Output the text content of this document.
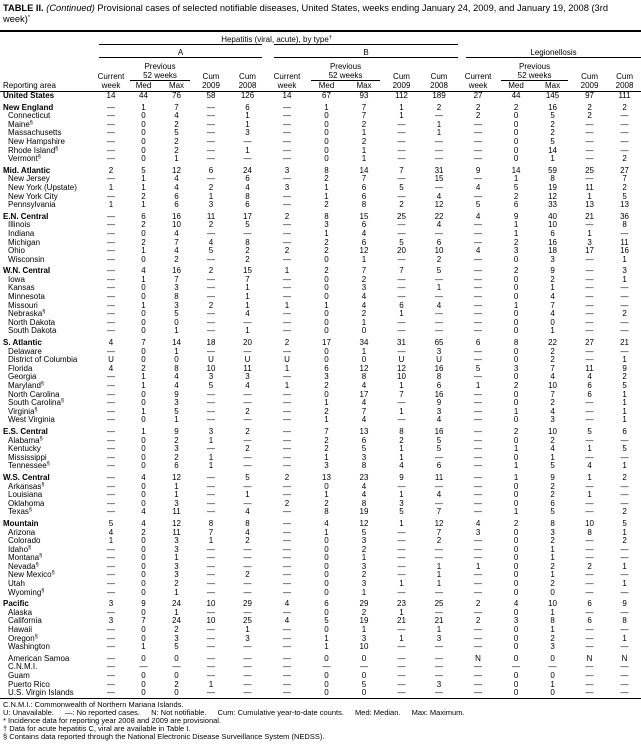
TABLE II. (Continued) Provisional cases of selected notifiable diseases, United States, weeks ending January 24, 2009, and January 19, 2008 (3rd week)*
	Hepatitis (viral, acute), by type†	

	A					B					Legionellosis				

		Previous					Previous					Previous			
	Current	52 weeks		Cum	Cum	Current	52 weeks		Cum	Cum	Current	52 weeks		Cum	Cum
Reporting area	week	Med	Max	2009	2008	week	Med	Max	2009	2008	week	Med	Max	2009	2008
United States	14	44	76	58	126	14	67	93	112	189	27	44	145	97	111
New England	—	1	7	—	6	—	1	7	1	2	2	2	16	2	2
Connecticut	—	0	4	—	1	—	0	7	1	—	2	0	5	2	—
Maine§	—	0	2	—	1	—	0	2	—	1	—	0	2	—	—
Massachusetts	—	0	5	—	3	—	0	1	—	1	—	0	2	—	—
New Hampshire	—	0	2	—	—	—	0	2	—	—	—	0	5	—	—
Rhode Island§	—	0	2	—	1	—	0	1	—	—	—	0	14	—	—
Vermont§	—	0	1	—	—	—	0	1	—	—	—	0	1	—	2
Mid. Atlantic	2	5	12	6	24	3	8	14	7	31	9	14	59	25	27
New Jersey	—	1	4	—	6	—	2	7	—	15	—	1	8	—	7
New York (Upstate)	1	1	4	2	4	3	1	6	5	—	4	5	19	11	2
New York City	—	2	6	1	8	—	1	6	—	4	—	2	12	1	5
Pennsylvania	1	1	6	3	6	—	2	8	2	12	5	6	33	13	13
E.N. Central	—	6	16	11	17	2	8	15	25	22	4	9	40	21	36
Illinois	—	2	10	2	5	—	3	6	—	4	—	1	10	—	8
Indiana	—	0	4	—	—	—	1	4	—	—	—	1	6	1	—
Michigan	—	2	7	4	8	—	2	6	5	6	—	2	16	3	11
Ohio	—	1	4	5	2	2	2	12	20	10	4	3	18	17	16
Wisconsin	—	0	2	—	2	—	0	1	—	2	—	0	3	—	1
W.N. Central	—	4	16	2	15	1	2	7	7	5	—	2	9	—	3
Iowa	—	1	7	—	7	—	0	2	—	—	—	0	2	—	1
Kansas	—	0	3	—	1	—	0	3	—	1	—	0	1	—	—
Minnesota	—	0	8	—	1	—	0	4	—	—	—	0	4	—	—
Missouri	—	1	3	2	1	1	1	4	6	4	—	1	7	—	—
Nebraska§	—	0	5	—	4	—	0	2	1	—	—	0	4	—	2
North Dakota	—	0	0	—	—	—	0	1	—	—	—	0	0	—	—
South Dakota	—	0	1	—	1	—	0	0	—	—	—	0	1	—	—
S. Atlantic	4	7	14	18	20	2	17	34	31	65	6	8	22	27	21
Delaware	—	0	1	—	—	—	0	1	—	3	—	0	2	—	—
District of Columbia	U	0	0	U	U	U	0	0	U	U	—	0	2	—	1
Florida	4	2	8	10	11	1	6	12	12	16	5	3	7	11	9
Georgia	—	1	4	3	3	—	3	8	10	8	—	0	4	4	2
Maryland§	—	1	4	5	4	1	2	4	1	6	1	2	10	6	5
North Carolina	—	0	9	—	—	—	0	17	7	16	—	0	7	6	1
South Carolina§	—	0	3	—	—	—	1	4	—	9	—	0	2	—	1
Virginia§	—	1	5	—	2	—	2	7	1	3	—	1	4	—	1
West Virginia	—	0	1	—	—	—	1	4	—	4	—	0	3	—	1
E.S. Central	—	1	9	3	2	—	7	13	8	16	—	2	10	5	6
Alabama§	—	0	2	1	—	—	2	6	2	5	—	0	2	—	—
Kentucky	—	0	3	—	2	—	2	5	1	5	—	1	4	1	5
Mississippi	—	0	2	1	—	—	1	3	1	—	—	0	1	—	—
Tennessee§	—	0	6	1	—	—	3	8	4	6	—	1	5	4	1
W.S. Central	—	4	12	—	5	2	13	23	9	11	—	1	9	1	2
Arkansas§	—	0	1	—	—	—	0	4	—	—	—	0	2	—	—
Louisiana	—	0	1	—	1	—	1	4	1	4	—	0	2	1	—
Oklahoma	—	0	3	—	—	2	2	8	3	—	—	0	6	—	—
Texas§	—	4	11	—	4	—	8	19	5	7	—	1	5	—	2
Mountain	5	4	12	8	8	—	4	12	1	12	4	2	8	10	5
Arizona	4	2	11	7	4	—	1	5	—	7	3	0	3	8	1
Colorado	1	0	3	1	2	—	0	3	—	2	—	0	2	—	2
Idaho§	—	0	3	—	—	—	0	2	—	—	—	0	1	—	—
Montana§	—	0	1	—	—	—	0	1	—	—	—	0	1	—	—
Nevada§	—	0	3	—	—	—	0	3	—	1	1	0	2	2	1
New Mexico§	—	0	3	—	2	—	0	2	—	1	—	0	1	—	—
Utah	—	0	2	—	—	—	0	3	1	1	—	0	2	—	1
Wyoming§	—	0	1	—	—	—	0	1	—	—	—	0	0	—	—
Pacific	3	9	24	10	29	4	6	29	23	25	2	4	10	6	9
Alaska	—	0	1	—	—	—	0	2	1	—	—	0	1	—	—
California	3	7	24	10	25	4	5	19	21	21	2	3	8	6	8
Hawaii	—	0	2	—	1	—	0	1	—	1	—	0	1	—	—
Oregon§	—	0	3	—	3	—	1	3	1	3	—	0	2	—	1
Washington	—	1	5	—	—	—	1	10	—	—	—	0	3	—	—
American Samoa	—	0	0	—	—	—	0	0	—	—	N	0	0	N	N
C.N.M.I.	—	—	—	—	—	—	—	—	—	—	—	—	—	—	—
Guam	—	0	0	—	—	—	0	0	—	—	—	0	0	—	—
Puerto Rico	—	0	2	1	—	—	0	5	—	3	—	0	1	—	—
U.S. Virgin Islands	—	0	0	—	—	—	0	0	—	—	—	0	0	—	—
C.N.M.I.: Commonwealth of Northern Mariana Islands.
U: Unavailable. —: No reported cases. N: Not notifiable. Cum: Cumulative year-to-date counts. Med: Median. Max: Maximum.
* Incidence data for reporting year 2008 and 2009 are provisional.
† Data for acute hepatitis C, viral are available in Table I.
§ Contains data reported through the National Electronic Disease Surveillance System (NEDSS).
